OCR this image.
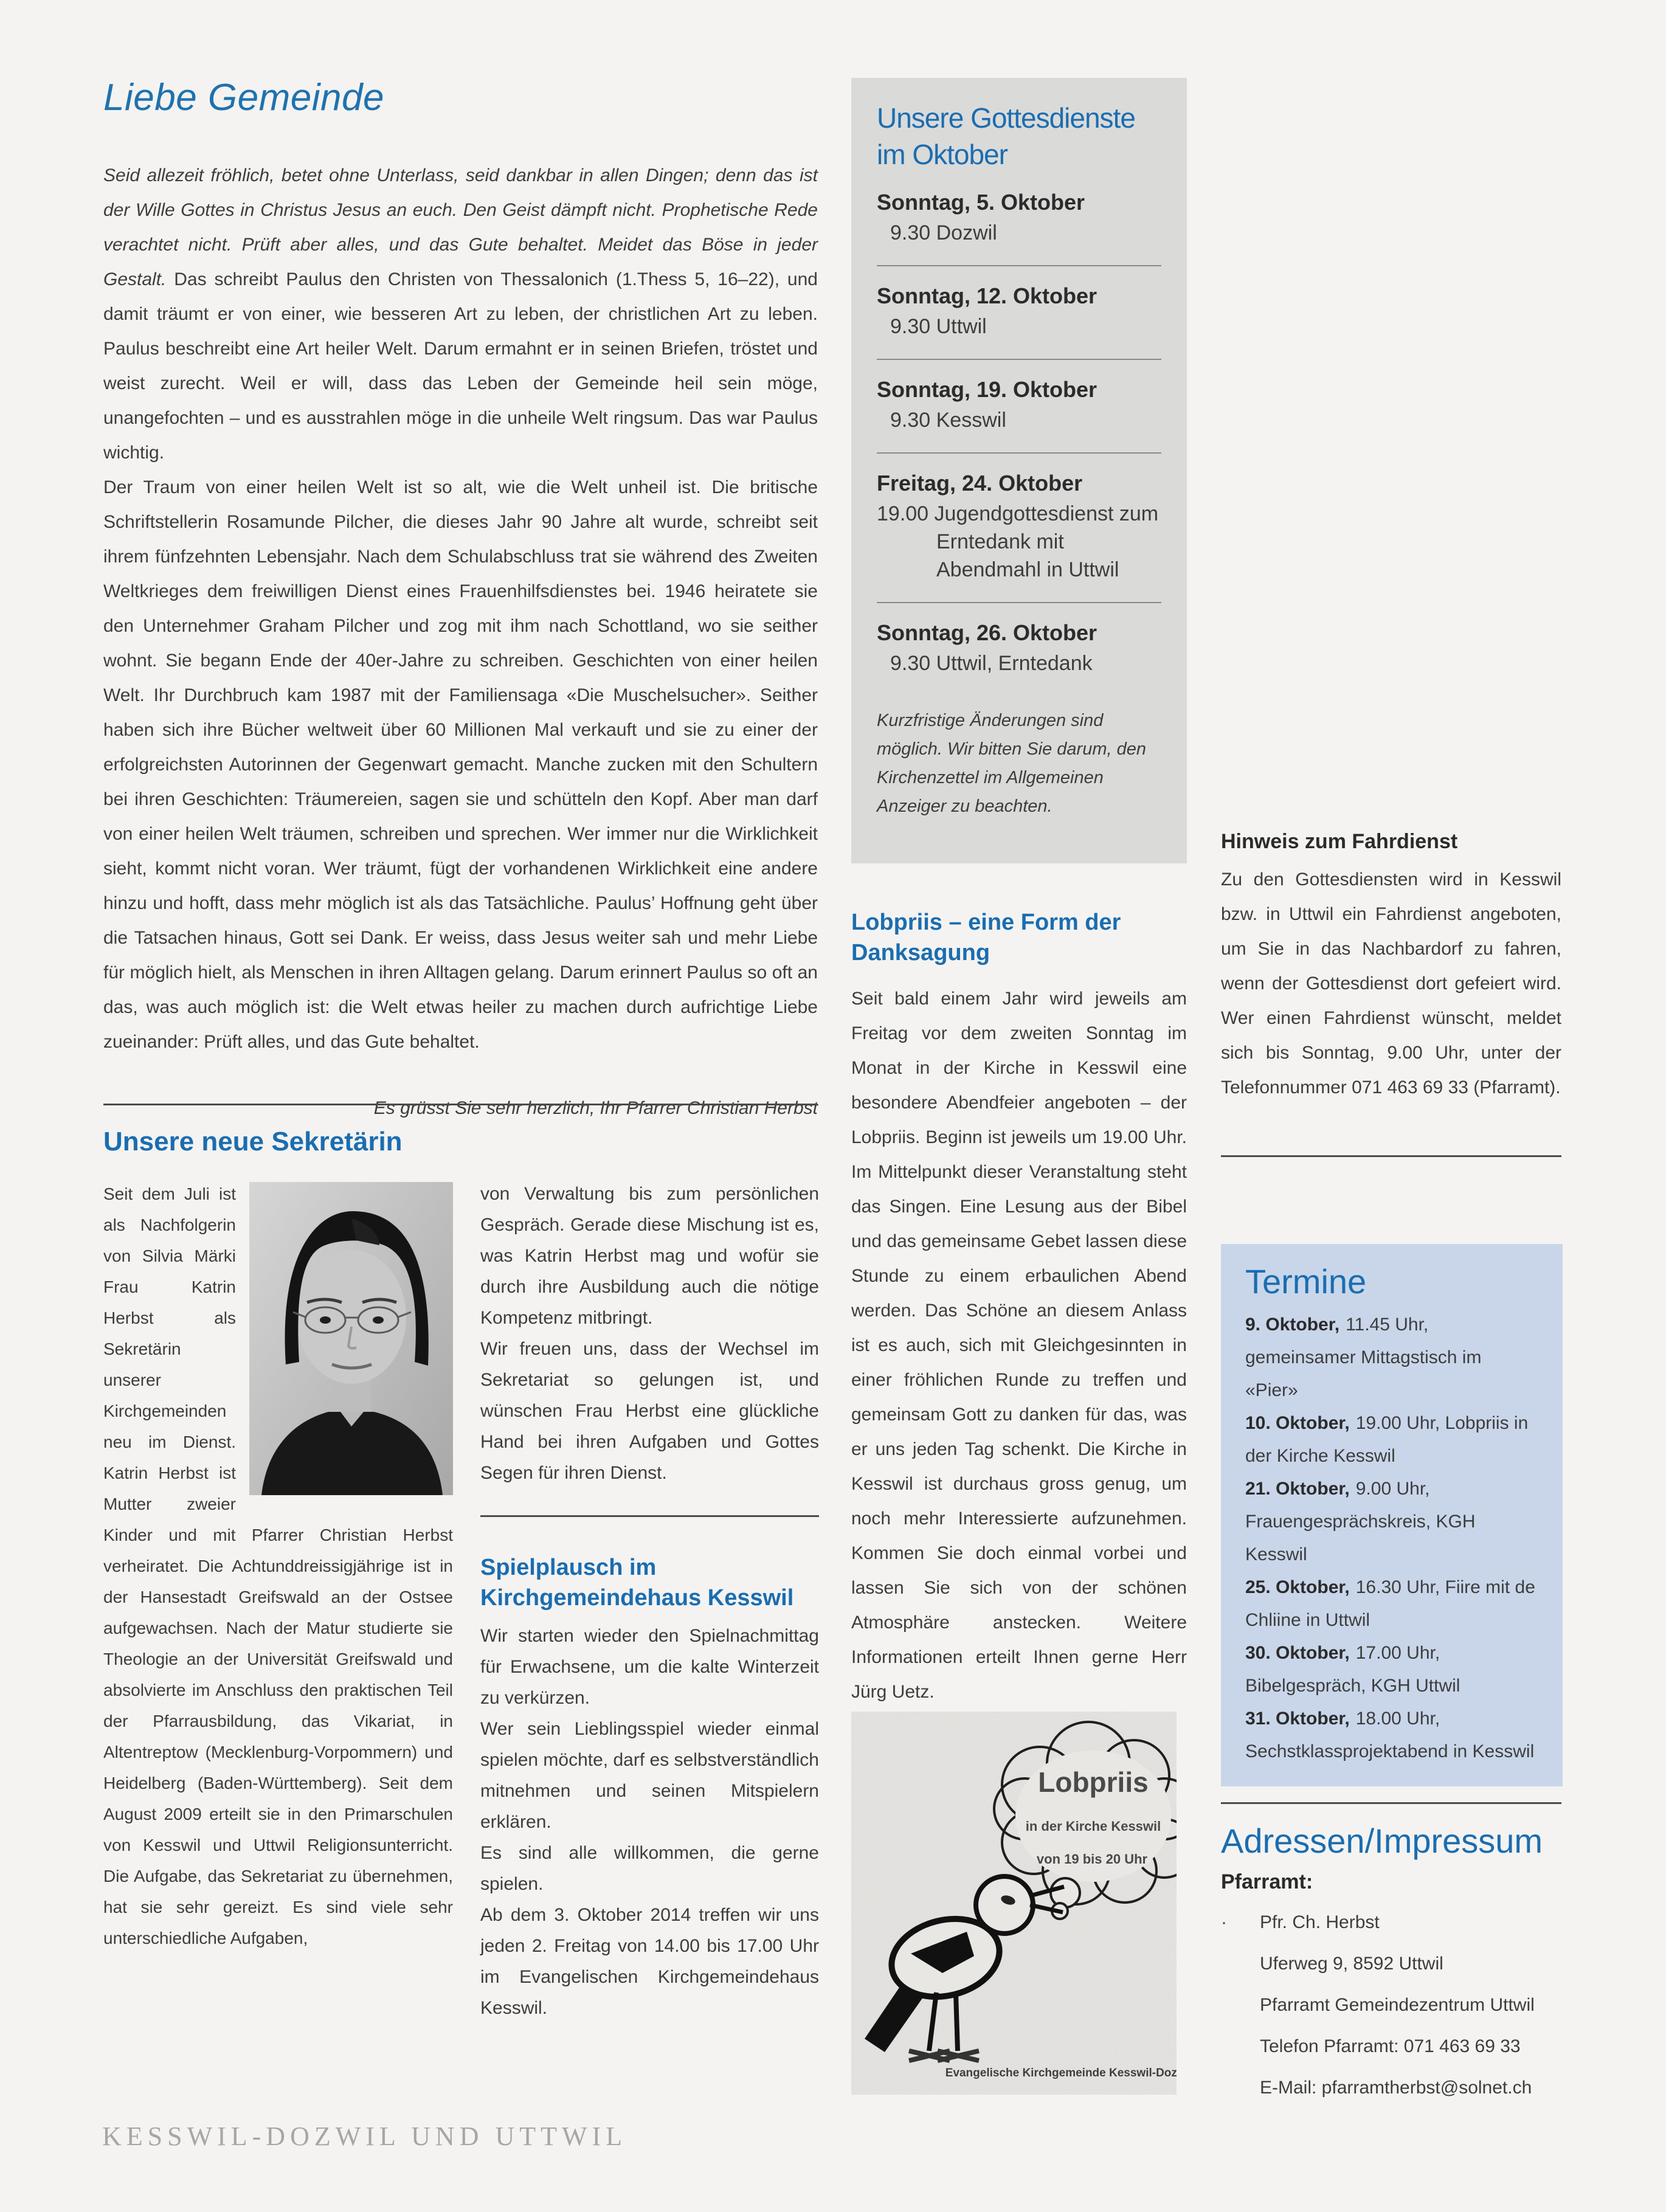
Liebe Gemeinde

Seid allezeit fröhlich, betet ohne Unterlass, seid dankbar in allen Dingen; denn das ist der Wille Gottes in Christus Jesus an euch. Den Geist dämpft nicht. Prophetische Rede verachtet nicht. Prüft aber alles, und das Gute behaltet. Meidet das Böse in jeder Gestalt. Das schreibt Paulus den Christen von Thessalonich (1.Thess 5, 16–22), und damit träumt er von einer, wie besseren Art zu leben, der christlichen Art zu leben. Paulus beschreibt eine Art heiler Welt. Darum ermahnt er in seinen Briefen, tröstet und weist zurecht. Weil er will, dass das Leben der Gemeinde heil sein möge, unangefochten – und es ausstrahlen möge in die unheile Welt ringsum. Das war Paulus wichtig.

Der Traum von einer heilen Welt ist so alt, wie die Welt unheil ist. Die britische Schriftstellerin Rosamunde Pilcher, die dieses Jahr 90 Jahre alt wurde, schreibt seit ihrem fünfzehnten Lebensjahr. Nach dem Schulabschluss trat sie während des Zweiten Weltkrieges dem freiwilligen Dienst eines Frauenhilfsdienstes bei. 1946 heiratete sie den Unternehmer Graham Pilcher und zog mit ihm nach Schottland, wo sie seither wohnt. Sie begann Ende der 40er-Jahre zu schreiben. Geschichten von einer heilen Welt. Ihr Durchbruch kam 1987 mit der Familiensaga «Die Muschelsucher». Seither haben sich ihre Bücher weltweit über 60 Millionen Mal verkauft und sie zu einer der erfolgreichsten Autorinnen der Gegenwart gemacht. Manche zucken mit den Schultern bei ihren Geschichten: Träumereien, sagen sie und schütteln den Kopf. Aber man darf von einer heilen Welt träumen, schreiben und sprechen. Wer immer nur die Wirklichkeit sieht, kommt nicht voran. Wer träumt, fügt der vorhandenen Wirklichkeit eine andere hinzu und hofft, dass mehr möglich ist als das Tatsächliche. Paulus’ Hoffnung geht über die Tatsachen hinaus, Gott sei Dank. Er weiss, dass Jesus weiter sah und mehr Liebe für möglich hielt, als Menschen in ihren Alltagen gelang. Darum erinnert Paulus so oft an das, was auch möglich ist: die Welt etwas heiler zu machen durch aufrichtige Liebe zueinander: Prüft alles, und das Gute behaltet.

Es grüsst Sie sehr herzlich, Ihr Pfarrer Christian Herbst

Unsere neue Sekretärin

Seit dem Juli ist als Nachfolgerin von Silvia Märki Frau Katrin Herbst als Sekretärin unserer Kirchgemeinden neu im Dienst. Katrin Herbst ist Mutter zweier Kinder und mit Pfarrer Christian Herbst verheiratet. Die Achtunddreissigjährige ist in der Hansestadt Greifswald an der Ostsee aufgewachsen. Nach der Matur studierte sie Theologie an der Universität Greifswald und absolvierte im Anschluss den praktischen Teil der Pfarrausbildung, das Vikariat, in Altentreptow (Mecklenburg-Vorpommern) und Heidelberg (Baden-Württemberg). Seit dem August 2009 erteilt sie in den Primarschulen von Kesswil und Uttwil Religionsunterricht. Die Aufgabe, das Sekretariat zu übernehmen, hat sie sehr gereizt. Es sind viele sehr unterschiedliche Aufgaben,

von Verwaltung bis zum persönlichen Gespräch. Gerade diese Mischung ist es, was Katrin Herbst mag und wofür sie durch ihre Ausbildung auch die nötige Kompetenz mitbringt.

Wir freuen uns, dass der Wechsel im Sekretariat so gelungen ist, und wünschen Frau Herbst eine glückliche Hand bei ihren Aufgaben und Gottes Segen für ihren Dienst.

Spielplausch im
Kirchgemeindehaus Kesswil

Wir starten wieder den Spielnachmittag für Erwachsene, um die kalte Winterzeit zu verkürzen.

Wer sein Lieblingsspiel wieder einmal spielen möchte, darf es selbstverständlich mitnehmen und seinen Mitspielern erklären.

Es sind alle willkommen, die gerne spielen.

Ab dem 3. Oktober 2014 treffen wir uns jeden 2. Freitag von 14.00 bis 17.00 Uhr im Evangelischen Kirchgemeindehaus Kesswil.

Unsere Gottesdienste
im Oktober

Sonntag, 5. Oktober

9.30 Dozwil

Sonntag, 12. Oktober

9.30 Uttwil

Sonntag, 19. Oktober

9.30 Kesswil

Freitag, 24. Oktober

19.00 Jugendgottesdienst zum Erntedank mit Abendmahl in Uttwil

Sonntag, 26. Oktober

9.30 Uttwil, Erntedank

Kurzfristige Änderungen sind möglich. Wir bitten Sie darum, den Kirchenzettel im Allgemeinen Anzeiger zu beachten.

Lobpriis – eine Form der
Danksagung

Seit bald einem Jahr wird jeweils am Freitag vor dem zweiten Sonntag im Monat in der Kirche in Kesswil eine besondere Abendfeier angeboten – der Lobpriis. Beginn ist jeweils um 19.00 Uhr. Im Mittelpunkt dieser Veranstaltung steht das Singen. Eine Lesung aus der Bibel und das gemeinsame Gebet lassen diese Stunde zu einem erbaulichen Abend werden. Das Schöne an diesem Anlass ist es auch, sich mit Gleichgesinnten in einer fröhlichen Runde zu treffen und gemeinsam Gott zu danken für das, was er uns jeden Tag schenkt. Die Kirche in Kesswil ist durchaus gross genug, um noch mehr Interessierte aufzunehmen. Kommen Sie doch einmal vorbei und lassen Sie sich von der schönen Atmosphäre anstecken. Weitere Informationen erteilt Ihnen gerne Herr Jürg Uetz.

Lobpriis
in der Kirche Kesswil
von 19 bis 20 Uhr
Evangelische Kirchgemeinde Kesswil-Dozwil
Hinweis zum Fahrdienst

Zu den Gottesdiensten wird in Kesswil bzw. in Uttwil ein Fahrdienst angeboten, um Sie in das Nachbardorf zu fahren, wenn der Gottesdienst dort gefeiert wird. Wer einen Fahrdienst wünscht, meldet sich bis Sonntag, 9.00 Uhr, unter der Telefonnummer 071 463 69 33 (Pfarramt).

Termine

9. Oktober, 11.45 Uhr, gemeinsamer Mittagstisch im «Pier»

10. Oktober, 19.00 Uhr, Lobpriis in der Kirche Kesswil

21. Oktober, 9.00 Uhr, Frauengesprächskreis, KGH Kesswil

25. Oktober, 16.30 Uhr, Fiire mit de Chliine in Uttwil

30. Oktober, 17.00 Uhr, Bibelgespräch, KGH Uttwil

31. Oktober, 18.00 Uhr, Sechstklassprojektabend in Kesswil

Adressen/Impressum

Pfarramt:

· Pfr. Ch. Herbst

Uferweg 9, 8592 Uttwil

Pfarramt Gemeindezentrum Uttwil

Telefon Pfarramt: 071 463 69 33

E-Mail: pfarramtherbst@solnet.ch

KESSWIL-DOZWIL UND UTTWIL
